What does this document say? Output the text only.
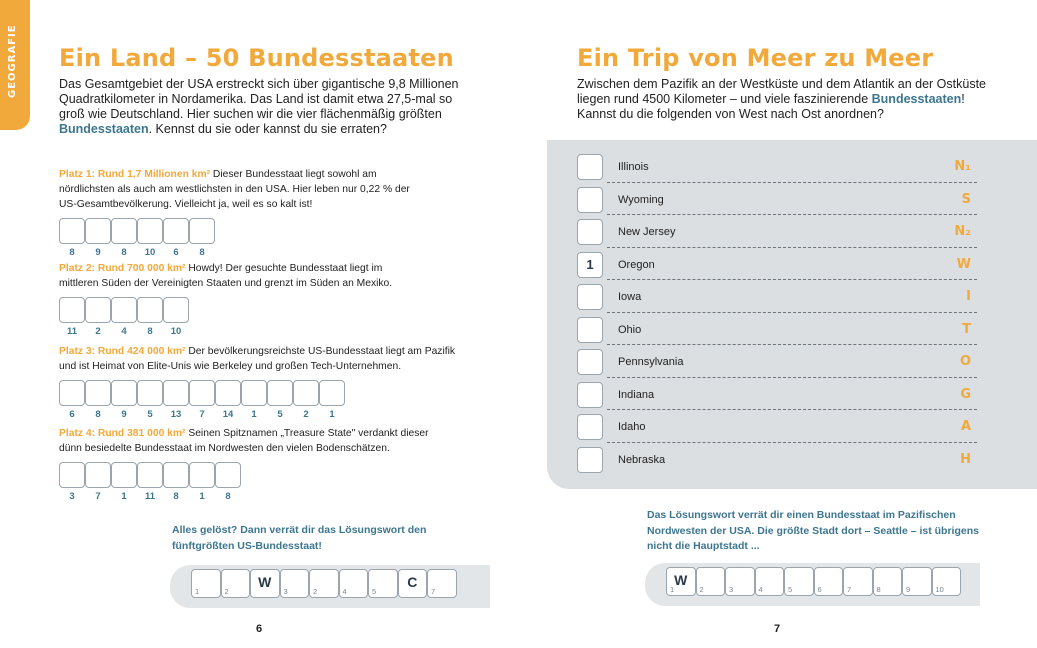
GEOGRAFIE Ein Land – 50 Bundesstaaten

Das Gesamtgebiet der USA erstreckt sich über gigantische 9,8 Millionen Quadratkilometer in Nordamerika. Das Land ist damit etwa 27,5-mal so groß wie Deutschland. Hier suchen wir die vier flächenmäßig größten Bundesstaaten. Kennst du sie oder kannst du sie erraten?

Platz 1: Rund 1,7 Millionen km² Dieser Bundesstaat liegt sowohl am nördlichsten als auch am westlichsten in den USA. Hier leben nur 0,22 % der US-Gesamtbevölkerung. Vielleicht ja, weil es so kalt ist!

8	9	8	10	6	8

Platz 2: Rund 700 000 km² Howdy! Der gesuchte Bundesstaat liegt im mittleren Süden der Vereinigten Staaten und grenzt im Süden an Mexiko.

11	2	4	8	10

Platz 3: Rund 424 000 km² Der bevölkerungsreichste US-Bundesstaat liegt am Pazifik und ist Heimat von Elite-Unis wie Berkeley und großen Tech-Unternehmen.

6	8	9	5	13	7	14	1	5	2	1

Platz 4: Rund 381 000 km² Seinen Spitznamen „Treasure State" verdankt dieser dünn besiedelte Bundesstaat im Nordwesten den vielen Bodenschätzen.

3	7	1	11	8	1	8

Alles gelöst? Dann verrät dir das Lösungswort den fünftgrößten US-Bundesstaat!

1	2
W
3	2	4	5
C
7
6
Ein Trip von Meer zu Meer

Zwischen dem Pazifik an der Westküste und dem Atlantik an der Ostküste liegen rund 4500 Kilometer – und viele faszinierende Bundesstaaten! Kannst du die folgenden von West nach Ost anordnen?

Illinois	N₁
Wyoming	S
New Jersey	N₂
1	Oregon	W
Iowa	I
Ohio	T
Pennsylvania	O
Indiana	G
Idaho	A
Nebraska	H

Das Lösungswort verrät dir einen Bundesstaat im Pazifischen Nordwesten der USA. Die größte Stadt dort – Seattle – ist übrigens nicht die Hauptstadt ...

1
W
2	3	4	5	6	7	8	9	10
7
